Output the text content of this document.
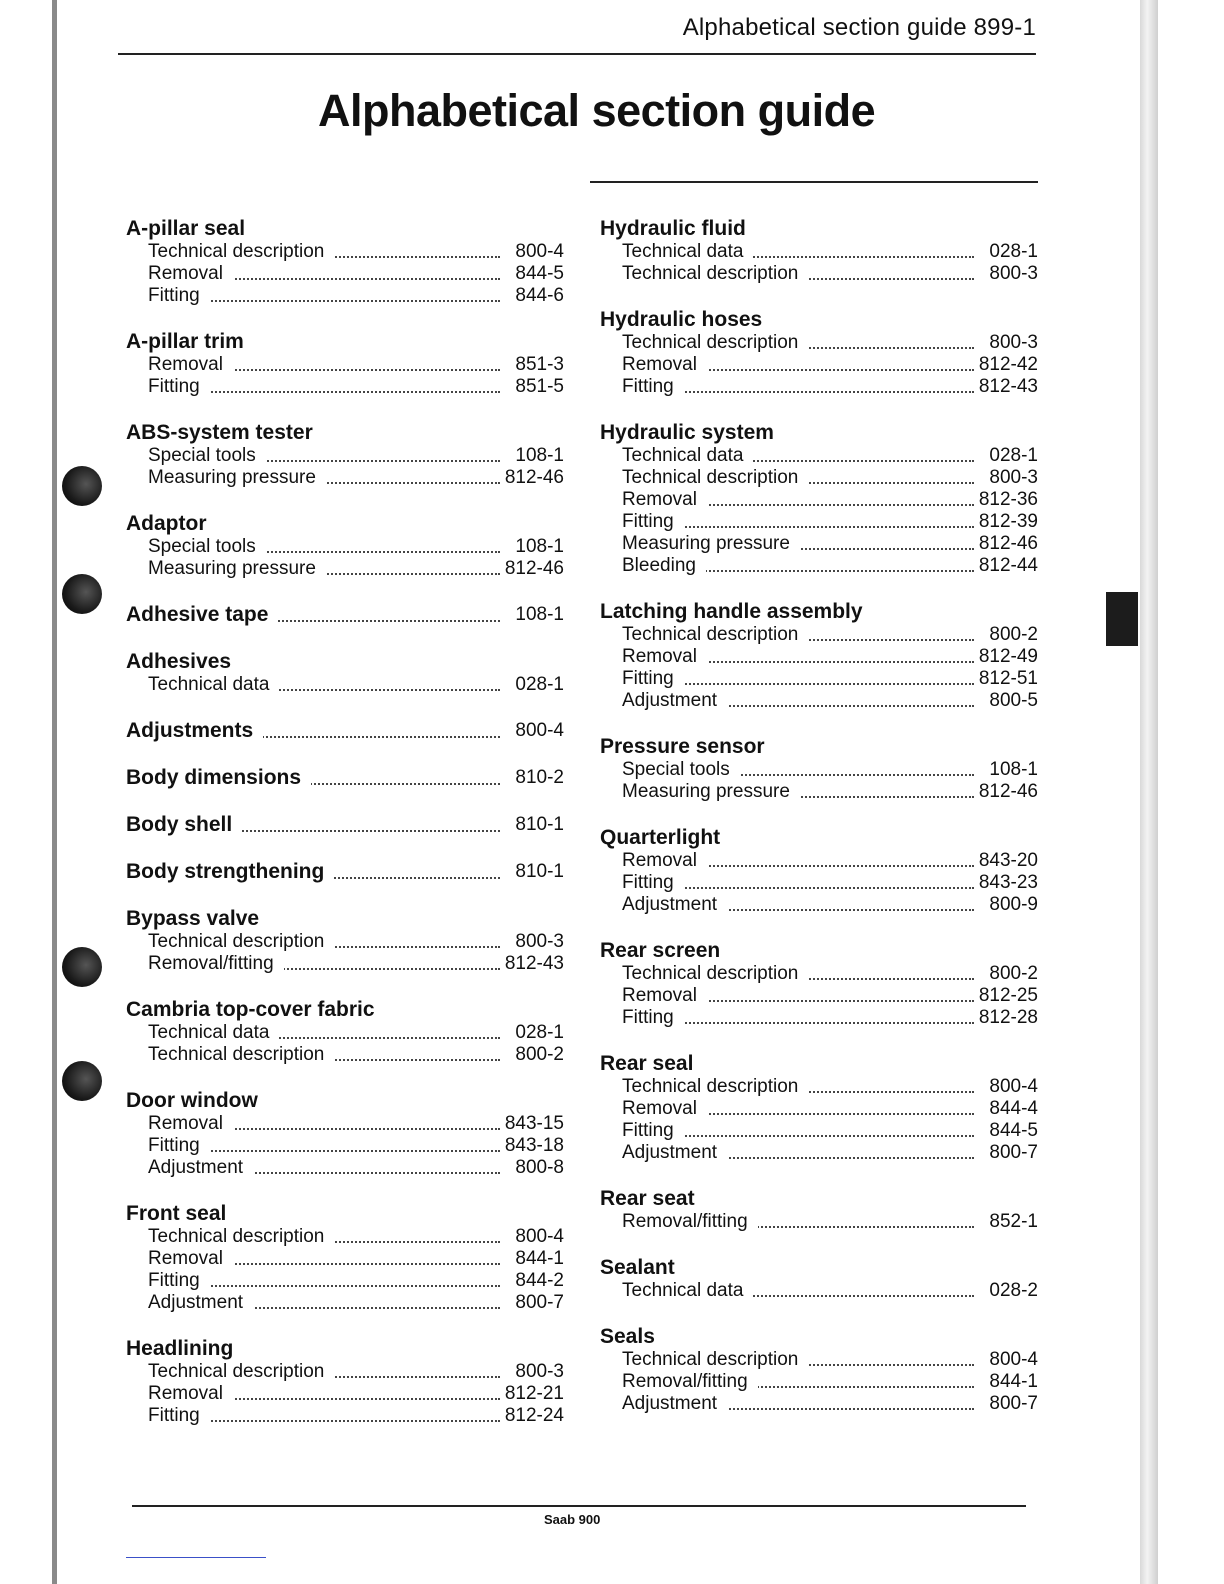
Alphabetical section guide 899-1
Alphabetical section guide
A-pillar seal
Technical description	800-4
Removal	844-5
Fitting	844-6
A-pillar trim
Removal	851-3
Fitting	851-5
ABS-system tester
Special tools	108-1
Measuring pressure	812-46
Adaptor
Special tools	108-1
Measuring pressure	812-46
Adhesive tape	108-1
Adhesives
Technical data	028-1
Adjustments	800-4
Body dimensions	810-2
Body shell	810-1
Body strengthening	810-1
Bypass valve
Technical description	800-3
Removal/fitting	812-43
Cambria top-cover fabric
Technical data	028-1
Technical description	800-2
Door window
Removal	843-15
Fitting	843-18
Adjustment	800-8
Front seal
Technical description	800-4
Removal	844-1
Fitting	844-2
Adjustment	800-7
Headlining
Technical description	800-3
Removal	812-21
Fitting	812-24
Hydraulic fluid
Technical data	028-1
Technical description	800-3
Hydraulic hoses
Technical description	800-3
Removal	812-42
Fitting	812-43
Hydraulic system
Technical data	028-1
Technical description	800-3
Removal	812-36
Fitting	812-39
Measuring pressure	812-46
Bleeding	812-44
Latching handle assembly
Technical description	800-2
Removal	812-49
Fitting	812-51
Adjustment	800-5
Pressure sensor
Special tools	108-1
Measuring pressure	812-46
Quarterlight
Removal	843-20
Fitting	843-23
Adjustment	800-9
Rear screen
Technical description	800-2
Removal	812-25
Fitting	812-28
Rear seal
Technical description	800-4
Removal	844-4
Fitting	844-5
Adjustment	800-7
Rear seat
Removal/fitting	852-1
Sealant
Technical data	028-2
Seals
Technical description	800-4
Removal/fitting	844-1
Adjustment	800-7
Saab 900
